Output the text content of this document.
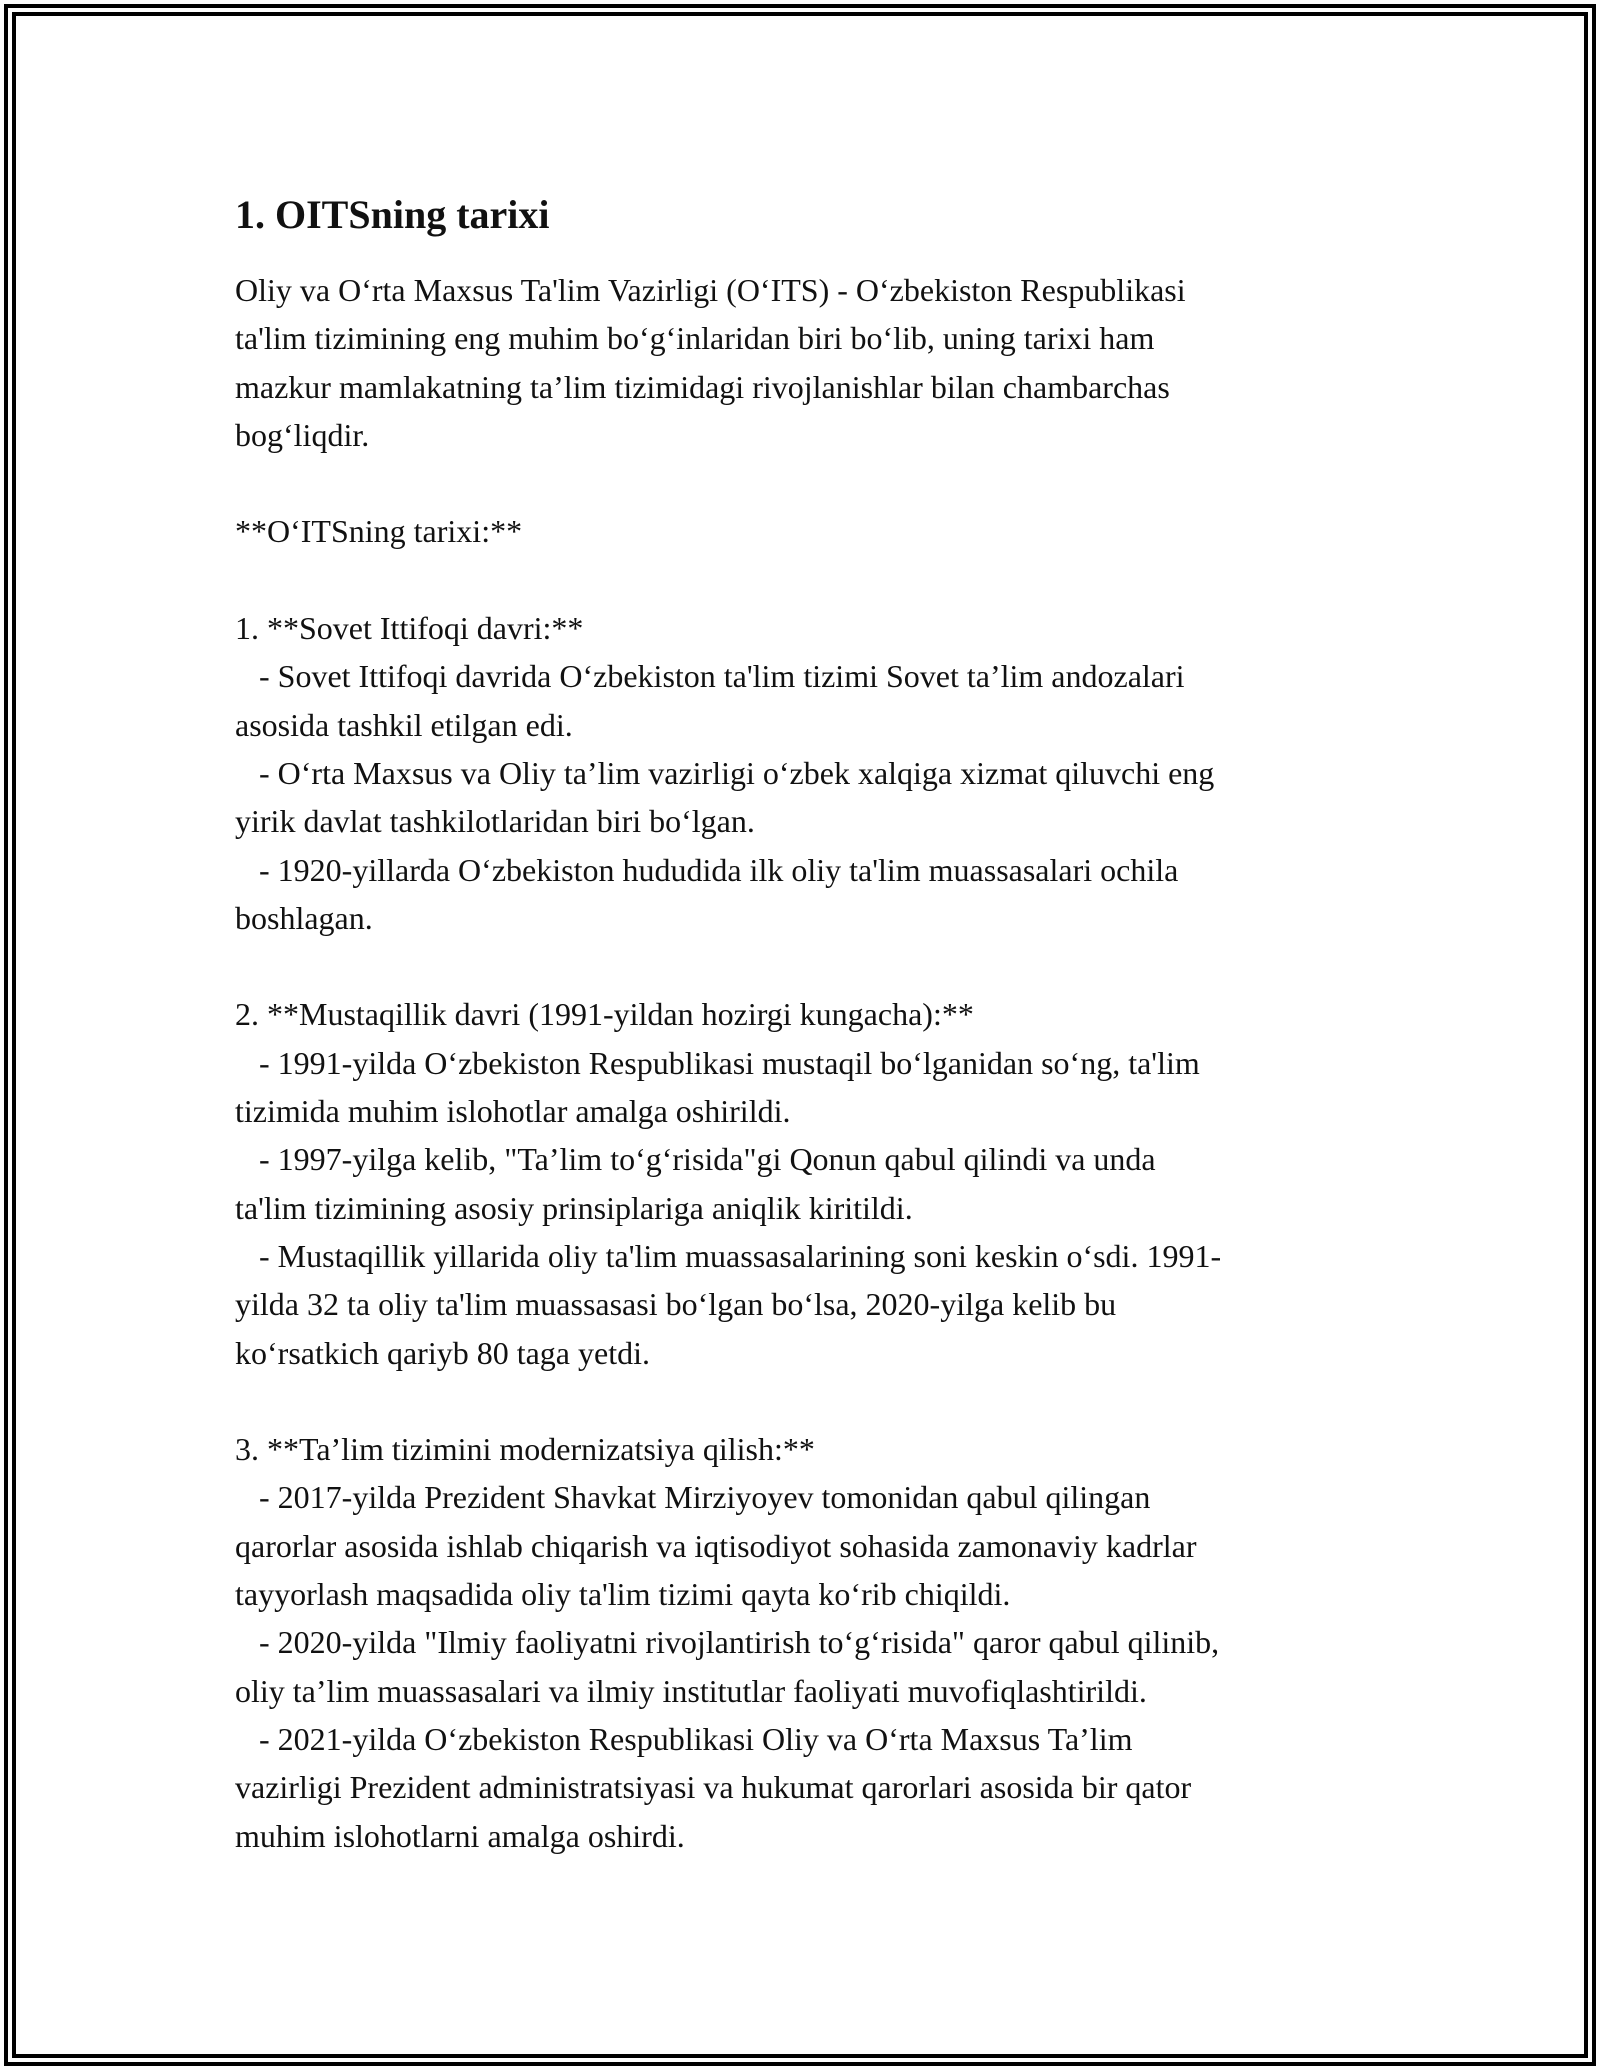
1. OITSning tarixi

Oliy va O‘rta Maxsus Ta'lim Vazirligi (O‘ITS) - O‘zbekiston Respublikasi
ta'lim tizimining eng muhim bo‘g‘inlaridan biri bo‘lib, uning tarixi ham
mazkur mamlakatning ta’lim tizimidagi rivojlanishlar bilan chambarchas
bog‘liqdir.

**O‘ITSning tarixi:**

1. **Sovet Ittifoqi davri:**
- Sovet Ittifoqi davrida O‘zbekiston ta'lim tizimi Sovet ta’lim andozalari
asosida tashkil etilgan edi.
- O‘rta Maxsus va Oliy ta’lim vazirligi o‘zbek xalqiga xizmat qiluvchi eng
yirik davlat tashkilotlaridan biri bo‘lgan.
- 1920-yillarda O‘zbekiston hududida ilk oliy ta'lim muassasalari ochila
boshlagan.

2. **Mustaqillik davri (1991-yildan hozirgi kungacha):**
- 1991-yilda O‘zbekiston Respublikasi mustaqil bo‘lganidan so‘ng, ta'lim
tizimida muhim islohotlar amalga oshirildi.
- 1997-yilga kelib, "Ta’lim to‘g‘risida"gi Qonun qabul qilindi va unda
ta'lim tizimining asosiy prinsiplariga aniqlik kiritildi.
- Mustaqillik yillarida oliy ta'lim muassasalarining soni keskin o‘sdi. 1991-
yilda 32 ta oliy ta'lim muassasasi bo‘lgan bo‘lsa, 2020-yilga kelib bu
ko‘rsatkich qariyb 80 taga yetdi.

3. **Ta’lim tizimini modernizatsiya qilish:**
- 2017-yilda Prezident Shavkat Mirziyoyev tomonidan qabul qilingan
qarorlar asosida ishlab chiqarish va iqtisodiyot sohasida zamonaviy kadrlar
tayyorlash maqsadida oliy ta'lim tizimi qayta ko‘rib chiqildi.
- 2020-yilda "Ilmiy faoliyatni rivojlantirish to‘g‘risida" qaror qabul qilinib,
oliy ta’lim muassasalari va ilmiy institutlar faoliyati muvofiqlashtirildi.
- 2021-yilda O‘zbekiston Respublikasi Oliy va O‘rta Maxsus Ta’lim
vazirligi Prezident administratsiyasi va hukumat qarorlari asosida bir qator
muhim islohotlarni amalga oshirdi.
